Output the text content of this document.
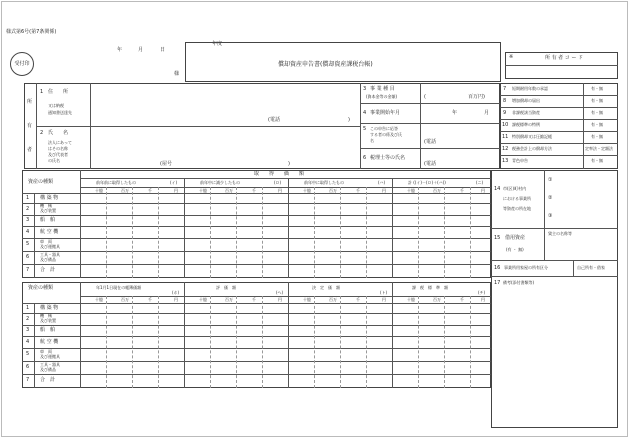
様式第6号(第7条関係)
受付印
年	月	日
様
年度
償却資産申告書(償却資産課税台帳)
※	所 有 者 コ ー ド
所
有
者
1 住　　所
又は納税
通知書送達先
(電話	)
2 氏　　名
法人にあって
はその名称
及び代表者
の氏名
(屋号	)
3 事 業 種 目
(資本金等の金額)	(	百万円)
4 事業開始年月	年	月
5 この申告に応答
する者の係及び氏
名	(電話
6 税理士等の氏名
(電話
7 短期耐用年数の承認	有・無
8 増加償却の届出	有・無
9 非課税該当資産	有・無
10 課税標準の特例	有・無
11 特別償却又は圧縮記帳	有・無
12 税務会計上の償却方法	定率法・定額法
13 青色申告	有・無
14 市(区)町村内
における事業所
等資産の所在地
①
②
③
15 借用資産
(有 ・ 無)
貸主の名称等
16 事業所用家屋の所有区分	自己所有・借家
17 備考(添付書類等)
資産の種類
取　　得　　価　　額
前年前に取得したもの	(イ)	前年中に減少したもの	(ロ)	前年中に取得したもの	(ハ)	計 ((イ)－(ロ)＋(ハ))	(ニ)
十億	百万	千	円	十億	百万	千	円	十億	百万	千	円	十億	百万	千	円
1 構 築 物
2
機　械
及び装置
3 船　舶
4 航 空 機
5	車　両
及び運搬具
6	工具・器具
及び備品
7 合　計
資産の種類	年1月1日現在の帳簿価額
(ホ)
評　価　額
(ヘ)
決　定　価　額
(ト)
課　税　標　準　額
(チ)
十億	百万	千	円	十億	百万	千	円	十億	百万	千	円	十億	百万	千	円
1 構 築 物
2
機　械
及び装置
3 船　舶
4 航 空 機
5	車　両
及び運搬具
6	工具・器具
及び備品
7 合　計
